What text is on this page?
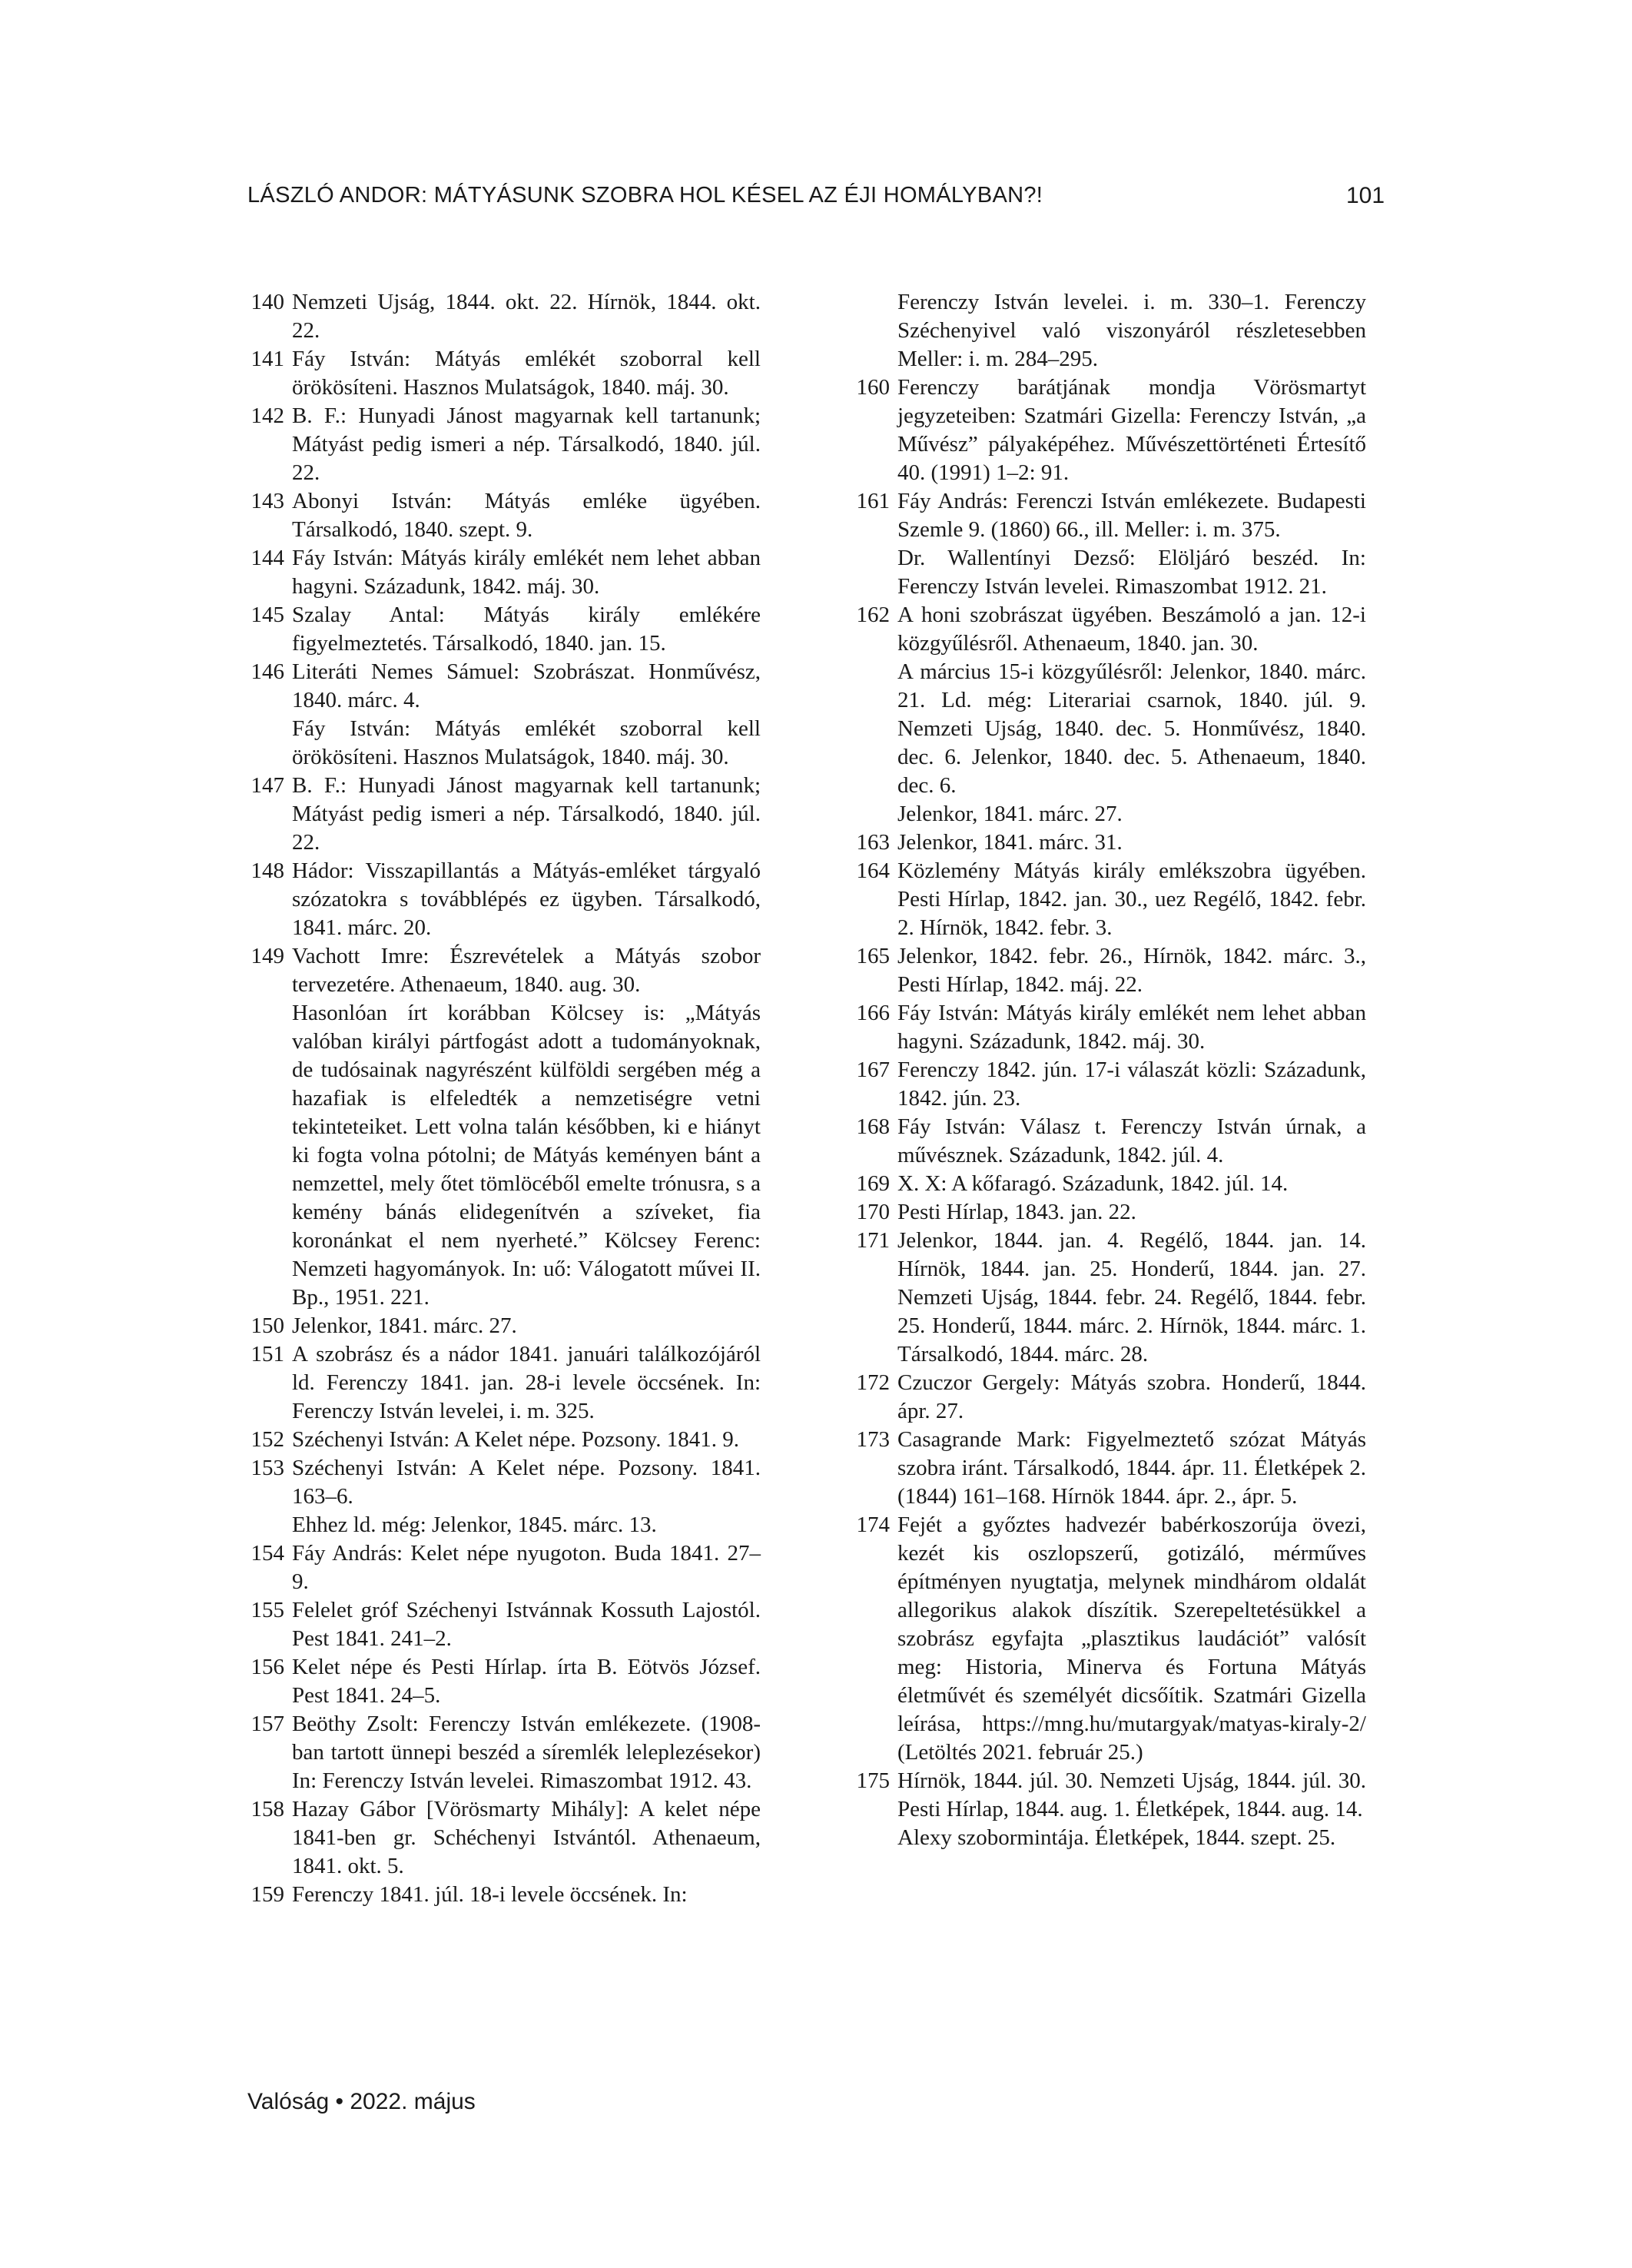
LÁSZLÓ ANDOR: MÁTYÁSUNK SZOBRA HOL KÉSEL AZ ÉJI HOMÁLYBAN?!	101
140 Nemzeti Ujság, 1844. okt. 22. Hírnök, 1844. okt. 22.
141 Fáy István: Mátyás emlékét szoborral kell örökösíteni. Hasznos Mulatságok, 1840. máj. 30.
142 B. F.: Hunyadi Jánost magyarnak kell tartanunk; Mátyást pedig ismeri a nép. Társalkodó, 1840. júl. 22.
143 Abonyi István: Mátyás emléke ügyében. Társalkodó, 1840. szept. 9.
144 Fáy István: Mátyás király emlékét nem lehet abban hagyni. Századunk, 1842. máj. 30.
145 Szalay Antal: Mátyás király emlékére figyelmeztetés. Társalkodó, 1840. jan. 15.
146 Literáti Nemes Sámuel: Szobrászat. Honművész, 1840. márc. 4.
Fáy István: Mátyás emlékét szoborral kell örökösíteni. Hasznos Mulatságok, 1840. máj. 30.
147 B. F.: Hunyadi Jánost magyarnak kell tartanunk; Mátyást pedig ismeri a nép. Társalkodó, 1840. júl. 22.
148 Hádor: Visszapillantás a Mátyás-emléket tárgyaló szózatokra s továbblépés ez ügyben. Társalkodó, 1841. márc. 20.
149 Vachott Imre: Észrevételek a Mátyás szobor tervezetére. Athenaeum, 1840. aug. 30.
Hasonlóan írt korábban Kölcsey is: „Mátyás valóban királyi pártfogást adott a tudományoknak, de tudósainak nagyrészént külföldi sergében még a hazafiak is elfeledték a nemzetiségre vetni tekinteteiket. Lett volna talán későbben, ki e hiányt ki fogta volna pótolni; de Mátyás keményen bánt a nemzettel, mely őtet tömlöcéből emelte trónusra, s a kemény bánás elidegenítvén a szíveket, fia koronánkat el nem nyerheté.” Kölcsey Ferenc: Nemzeti hagyományok. In: uő: Válogatott művei II. Bp., 1951. 221.
150 Jelenkor, 1841. márc. 27.
151 A szobrász és a nádor 1841. januári találkozójáról ld. Ferenczy 1841. jan. 28-i levele öccsének. In: Ferenczy István levelei, i. m. 325.
152 Széchenyi István: A Kelet népe. Pozsony. 1841. 9.
153 Széchenyi István: A Kelet népe. Pozsony. 1841. 163–6.
Ehhez ld. még: Jelenkor, 1845. márc. 13.
154 Fáy András: Kelet népe nyugoton. Buda 1841. 27–9.
155 Felelet gróf Széchenyi Istvánnak Kossuth Lajostól. Pest 1841. 241–2.
156 Kelet népe és Pesti Hírlap. írta B. Eötvös József. Pest 1841. 24–5.
157 Beöthy Zsolt: Ferenczy István emlékezete. (1908-ban tartott ünnepi beszéd a síremlék leleplezésekor) In: Ferenczy István levelei. Rimaszombat 1912. 43.
158 Hazay Gábor [Vörösmarty Mihály]: A kelet népe 1841-ben gr. Schéchenyi Istvántól. Athenaeum, 1841. okt. 5.
159 Ferenczy 1841. júl. 18-i levele öccsének. In:
Ferenczy István levelei. i. m. 330–1. Ferenczy Széchenyivel való viszonyáról részletesebben Meller: i. m. 284–295.
160 Ferenczy barátjának mondja Vörösmartyt jegyzeteiben: Szatmári Gizella: Ferenczy István, „a Művész” pályaképéhez. Művészettörténeti Értesítő 40. (1991) 1–2: 91.
161 Fáy András: Ferenczi István emlékezete. Budapesti Szemle 9. (1860) 66., ill. Meller: i. m. 375.
Dr. Wallentínyi Dezső: Elöljáró beszéd. In: Ferenczy István levelei. Rimaszombat 1912. 21.
162 A honi szobrászat ügyében. Beszámoló a jan. 12-i közgyűlésről. Athenaeum, 1840. jan. 30.
A március 15-i közgyűlésről: Jelenkor, 1840. márc. 21. Ld. még: Literariai csarnok, 1840. júl. 9. Nemzeti Ujság, 1840. dec. 5. Honművész, 1840. dec. 6. Jelenkor, 1840. dec. 5. Athenaeum, 1840. dec. 6.
Jelenkor, 1841. márc. 27.
163 Jelenkor, 1841. márc. 31.
164 Közlemény Mátyás király emlékszobra ügyében. Pesti Hírlap, 1842. jan. 30., uez Regélő, 1842. febr. 2. Hírnök, 1842. febr. 3.
165 Jelenkor, 1842. febr. 26., Hírnök, 1842. márc. 3., Pesti Hírlap, 1842. máj. 22.
166 Fáy István: Mátyás király emlékét nem lehet abban hagyni. Századunk, 1842. máj. 30.
167 Ferenczy 1842. jún. 17-i válaszát közli: Századunk, 1842. jún. 23.
168 Fáy István: Válasz t. Ferenczy István úrnak, a művésznek. Századunk, 1842. júl. 4.
169 X. X: A kőfaragó. Századunk, 1842. júl. 14.
170 Pesti Hírlap, 1843. jan. 22.
171 Jelenkor, 1844. jan. 4. Regélő, 1844. jan. 14. Hírnök, 1844. jan. 25. Honderű, 1844. jan. 27. Nemzeti Ujság, 1844. febr. 24. Regélő, 1844. febr. 25. Honderű, 1844. márc. 2. Hírnök, 1844. márc. 1. Társalkodó, 1844. márc. 28.
172 Czuczor Gergely: Mátyás szobra. Honderű, 1844. ápr. 27.
173 Casagrande Mark: Figyelmeztető szózat Mátyás szobra iránt. Társalkodó, 1844. ápr. 11. Életképek 2. (1844) 161–168. Hírnök 1844. ápr. 2., ápr. 5.
174 Fejét a győztes hadvezér babérkoszorúja övezi, kezét kis oszlopszerű, gotizáló, mérműves építményen nyugtatja, melynek mindhárom oldalát allegorikus alakok díszítik. Szerepeltetésükkel a szobrász egyfajta „plasztikus laudációt” valósít meg: Historia, Minerva és Fortuna Mátyás életművét és személyét dicsőítik. Szatmári Gizella leírása, https://mng.hu/mutargyak/matyas-kiraly-2/ (Letöltés 2021. február 25.)
175 Hírnök, 1844. júl. 30. Nemzeti Ujság, 1844. júl. 30. Pesti Hírlap, 1844. aug. 1. Életképek, 1844. aug. 14.
Alexy szobormintája. Életképek, 1844. szept. 25.
Valóság • 2022. május
